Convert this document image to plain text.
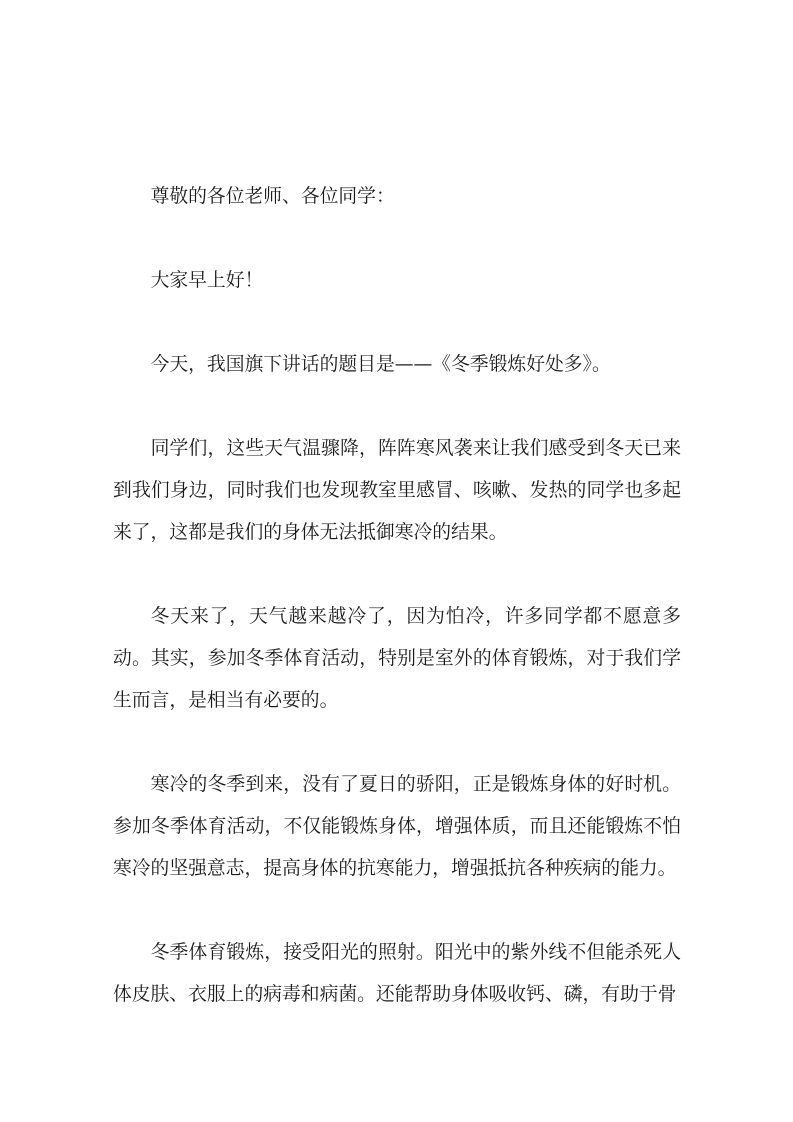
尊敬的各位老师、各位同学：

大家早上好！

今天，我国旗下讲话的题目是——《冬季锻炼好处多》。

同学们，这些天气温骤降，阵阵寒风袭来让我们感受到冬天已来到我们身边，同时我们也发现教室里感冒、咳嗽、发热的同学也多起来了，这都是我们的身体无法抵御寒冷的结果。

冬天来了，天气越来越冷了，因为怕冷，许多同学都不愿意多动。其实，参加冬季体育活动，特别是室外的体育锻炼，对于我们学生而言，是相当有必要的。

寒冷的冬季到来，没有了夏日的骄阳，正是锻炼身体的好时机。参加冬季体育活动，不仅能锻炼身体，增强体质，而且还能锻炼不怕寒冷的坚强意志，提高身体的抗寒能力，增强抵抗各种疾病的能力。

冬季体育锻炼，接受阳光的照射。阳光中的紫外线不但能杀死人体皮肤、衣服上的病毒和病菌。还能帮助身体吸收钙、磷，有助于骨
